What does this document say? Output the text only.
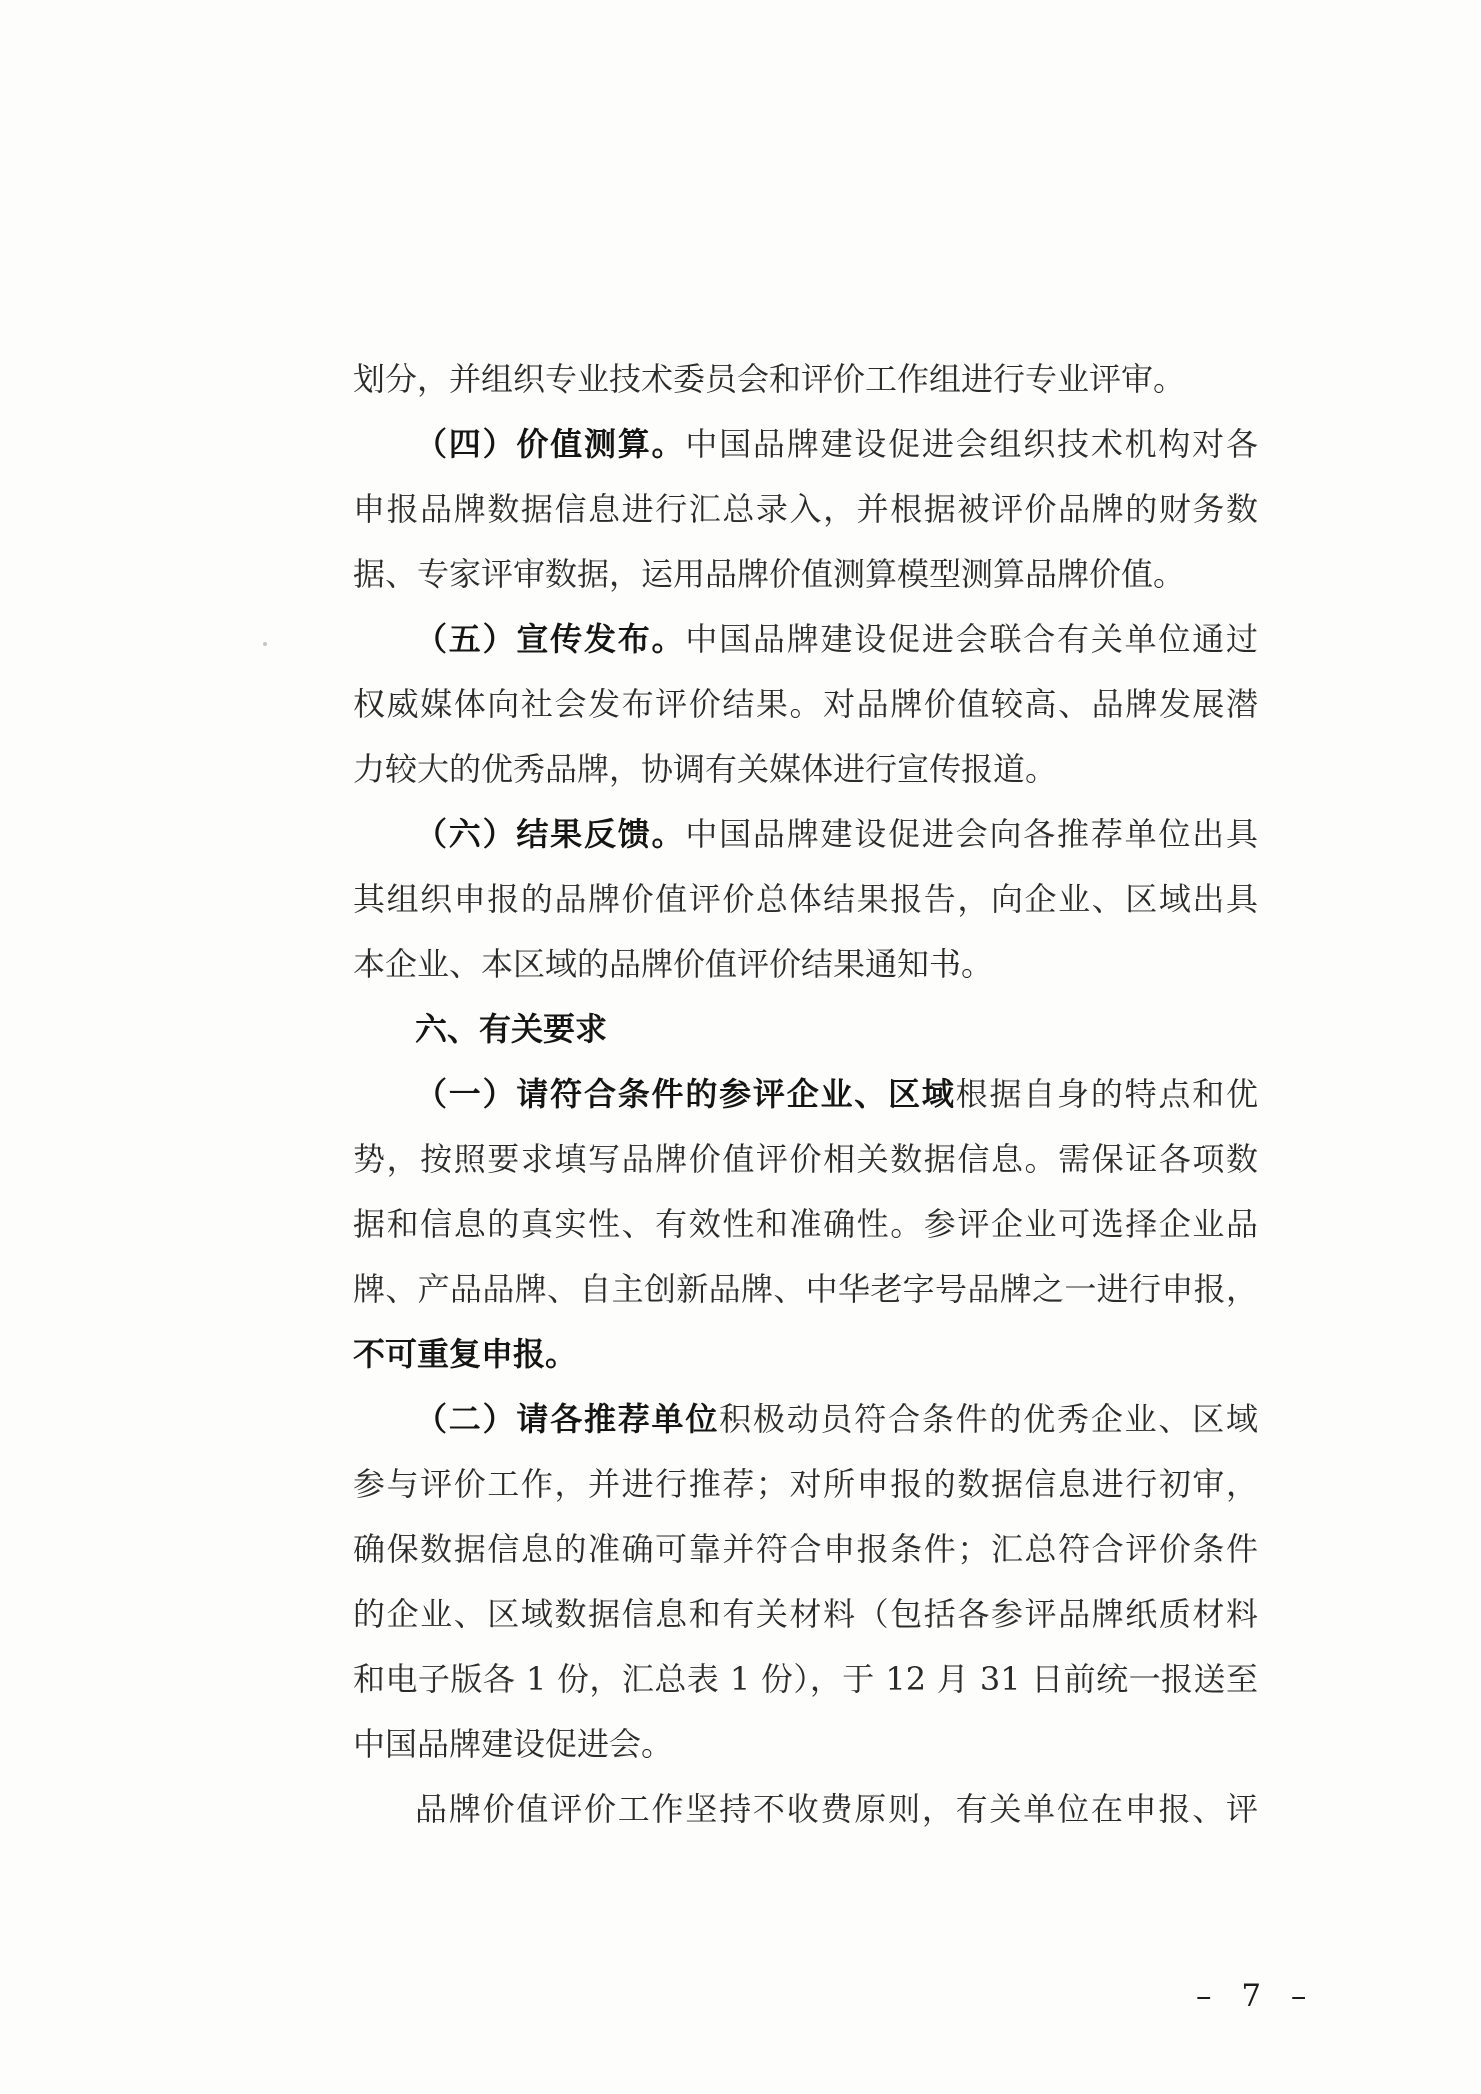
划分，并组织专业技术委员会和评价工作组进行专业评审。
（四）价值测算。中国品牌建设促进会组织技术机构对各
申报品牌数据信息进行汇总录入，并根据被评价品牌的财务数
据、专家评审数据，运用品牌价值测算模型测算品牌价值。
（五）宣传发布。中国品牌建设促进会联合有关单位通过
权威媒体向社会发布评价结果。对品牌价值较高、品牌发展潜
力较大的优秀品牌，协调有关媒体进行宣传报道。
（六）结果反馈。中国品牌建设促进会向各推荐单位出具
其组织申报的品牌价值评价总体结果报告，向企业、区域出具
本企业、本区域的品牌价值评价结果通知书。
六、有关要求
（一）请符合条件的参评企业、区域根据自身的特点和优
势，按照要求填写品牌价值评价相关数据信息。需保证各项数
据和信息的真实性、有效性和准确性。参评企业可选择企业品
牌、产品品牌、自主创新品牌、中华老字号品牌之一进行申报，
不可重复申报。
（二）请各推荐单位积极动员符合条件的优秀企业、区域
参与评价工作，并进行推荐；对所申报的数据信息进行初审，
确保数据信息的准确可靠并符合申报条件；汇总符合评价条件
的企业、区域数据信息和有关材料（包括各参评品牌纸质材料
和电子版各 1 份，汇总表 1 份），于 12 月 31 日前统一报送至
中国品牌建设促进会。
品牌价值评价工作坚持不收费原则，有关单位在申报、评
– 7 –
